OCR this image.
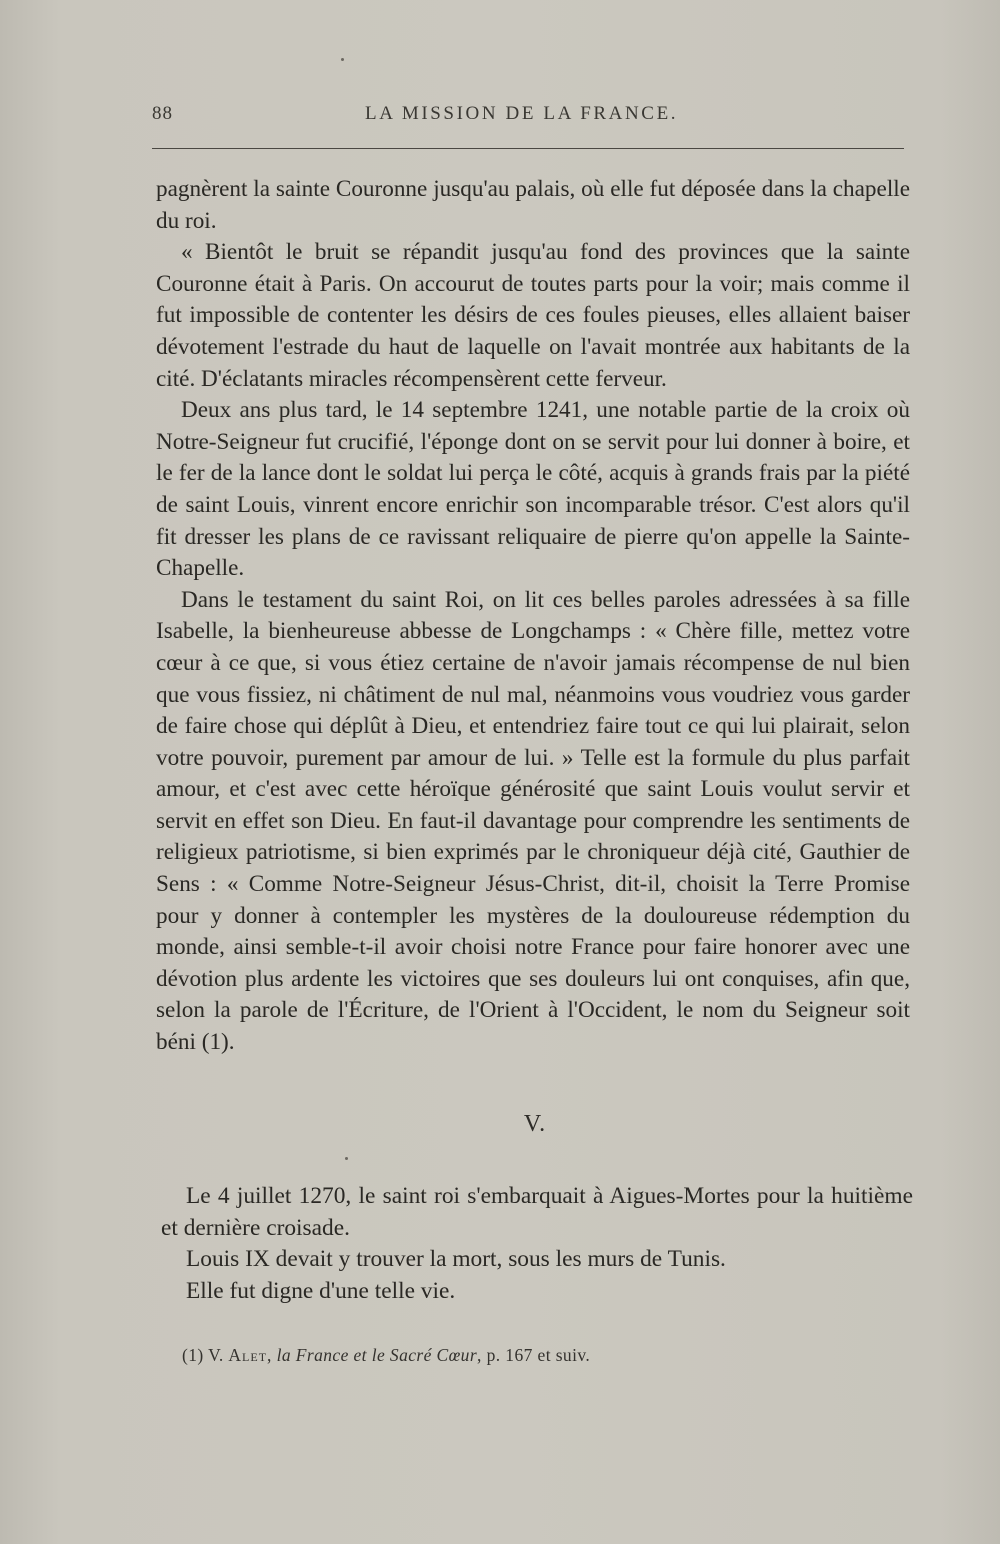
88	LA MISSION DE LA FRANCE.

pagnèrent la sainte Couronne jusqu'au palais, où elle fut déposée dans la chapelle du roi.

« Bientôt le bruit se répandit jusqu'au fond des provinces que la sainte Couronne était à Paris. On accourut de toutes parts pour la voir; mais comme il fut impossible de contenter les désirs de ces foules pieuses, elles allaient baiser dévotement l'estrade du haut de laquelle on l'avait montrée aux habitants de la cité. D'éclatants miracles récompensèrent cette ferveur.

Deux ans plus tard, le 14 septembre 1241, une notable partie de la croix où Notre-Seigneur fut crucifié, l'éponge dont on se servit pour lui donner à boire, et le fer de la lance dont le soldat lui perça le côté, acquis à grands frais par la piété de saint Louis, vinrent encore enrichir son incomparable trésor. C'est alors qu'il fit dresser les plans de ce ravissant reliquaire de pierre qu'on appelle la Sainte-Chapelle.

Dans le testament du saint Roi, on lit ces belles paroles adressées à sa fille Isabelle, la bienheureuse abbesse de Longchamps : « Chère fille, mettez votre cœur à ce que, si vous étiez certaine de n'avoir jamais récompense de nul bien que vous fissiez, ni châtiment de nul mal, néanmoins vous voudriez vous garder de faire chose qui déplût à Dieu, et entendriez faire tout ce qui lui plairait, selon votre pouvoir, purement par amour de lui. » Telle est la formule du plus parfait amour, et c'est avec cette héroïque générosité que saint Louis voulut servir et servit en effet son Dieu. En faut-il davantage pour comprendre les sentiments de religieux patriotisme, si bien exprimés par le chroniqueur déjà cité, Gauthier de Sens : « Comme Notre-Seigneur Jésus-Christ, dit-il, choisit la Terre Promise pour y donner à contempler les mystères de la douloureuse rédemption du monde, ainsi semble-t-il avoir choisi notre France pour faire honorer avec une dévotion plus ardente les victoires que ses douleurs lui ont conquises, afin que, selon la parole de l'Écriture, de l'Orient à l'Occident, le nom du Seigneur soit béni (1).

V.

Le 4 juillet 1270, le saint roi s'embarquait à Aigues-Mortes pour la huitième et dernière croisade.

Louis IX devait y trouver la mort, sous les murs de Tunis.

Elle fut digne d'une telle vie.

(1) V. Alet, la France et le Sacré Cœur, p. 167 et suiv.
